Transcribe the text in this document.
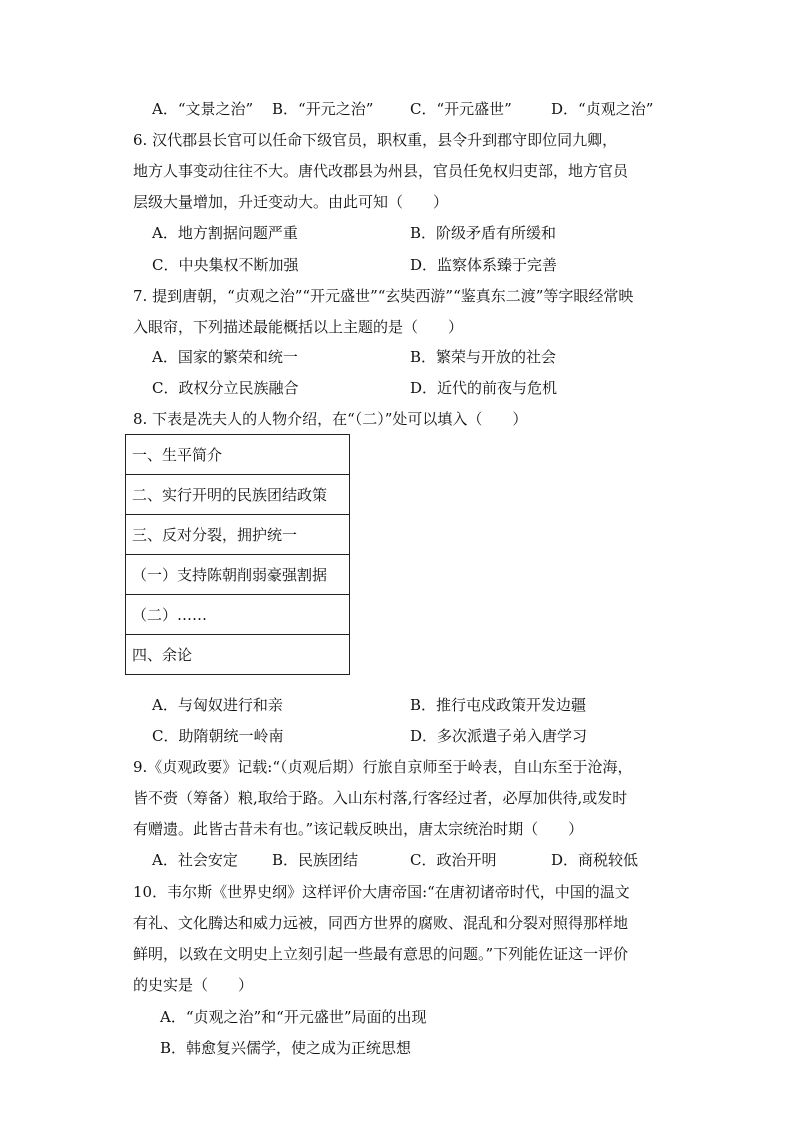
A．“文景之治” B．“开元之治” C．“开元盛世”	D．“贞观之治”
6. 汉代郡县长官可以任命下级官员，职权重，县令升到郡守即位同九卿，
地方人事变动往往不大。唐代改郡县为州县，官员任免权归吏部，地方官员
层级大量增加，升迁变动大。由此可知（　　）
A．地方割据问题严重	B．阶级矛盾有所缓和
C．中央集权不断加强	D．监察体系臻于完善
7. 提到唐朝，“贞观之治”“开元盛世”“玄奘西游”“鉴真东二渡”等字眼经常映
入眼帘，下列描述最能概括以上主题的是（　　）
A．国家的繁荣和统一	B．繁荣与开放的社会
C．政权分立民族融合	D．近代的前夜与危机
8. 下表是冼夫人的人物介绍，在“（二）”处可以填入（　　）
一、生平简介
二、实行开明的民族团结政策
三、反对分裂，拥护统一
（一）支持陈朝削弱豪强割据
（二）……
四、余论
A．与匈奴进行和亲	B．推行屯戍政策开发边疆
C．助隋朝统一岭南	D．多次派遣子弟入唐学习
9.《贞观政要》记载:“（贞观后期）行旅自京师至于岭表，自山东至于沧海，
皆不赍（筹备）粮,取给于路。入山东村落,行客经过者，必厚加供待,或发时
有赠遗。此皆古昔未有也。”该记载反映出，唐太宗统治时期（　　）
A．社会安定 B．民族团结	C．政治开明	D．商税较低
10．韦尔斯《世界史纲》这样评价大唐帝国:“在唐初诸帝时代，中国的温文
有礼、文化腾达和威力远被，同西方世界的腐败、混乱和分裂对照得那样地
鲜明，以致在文明史上立刻引起一些最有意思的问题。”下列能佐证这一评价
的史实是（　　）
A．“贞观之治”和“开元盛世”局面的出现
B．韩愈复兴儒学，使之成为正统思想
